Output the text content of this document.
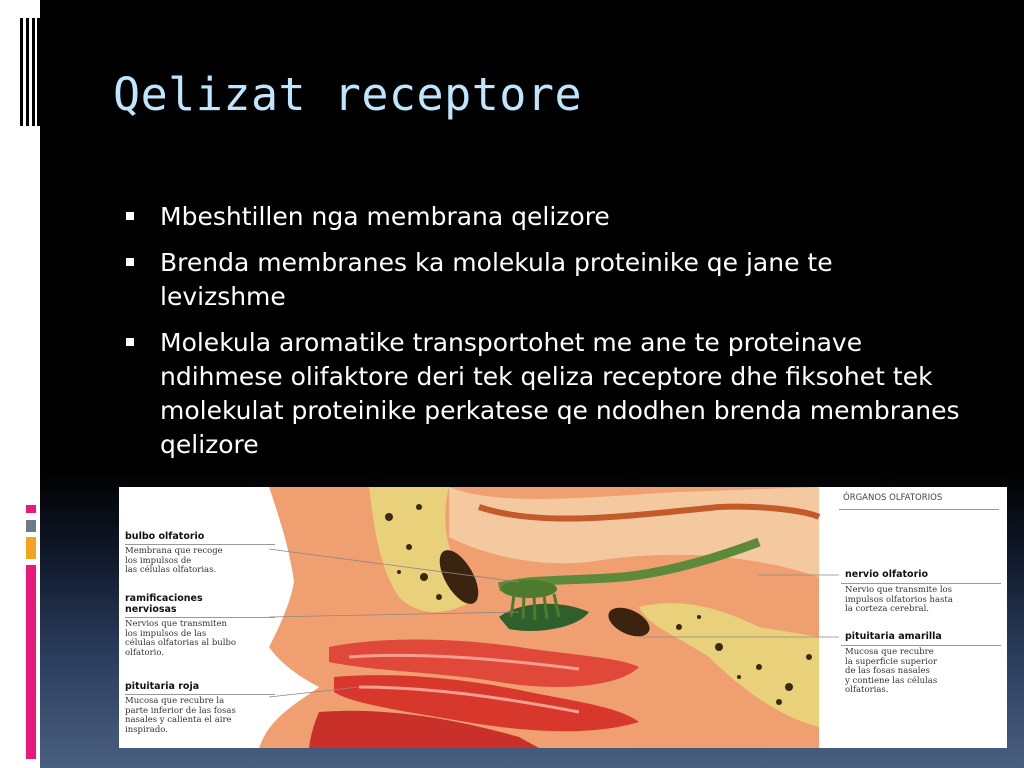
Qelizat receptore
Mbeshtillen nga membrana qelizore
Brenda membranes ka molekula proteinike qe jane te levizshme
Molekula aromatike transportohet me ane te proteinave ndihmese olifaktore deri tek qeliza receptore dhe fiksohet tek molekulat proteinike perkatese qe ndodhen brenda membranes qelizore
ÓRGANOS OLFATORIOS
bulbo olfatorio
Membrana que recoge
los impulsos de
las células olfatorias.
ramificaciones
nerviosas
Nervios que transmiten
los impulsos de las
células olfatorias al bulbo
olfatorio.
pituitaria roja
Mucosa que recubre la
parte inferior de las fosas
nasales y calienta el aire
inspirado.
nervio olfatorio
Nervio que transmite los
impulsos olfatorios hasta
la corteza cerebral.
pituitaria amarilla
Mucosa que recubre
la superficie superior
de las fosas nasales
y contiene las células
olfatorias.
